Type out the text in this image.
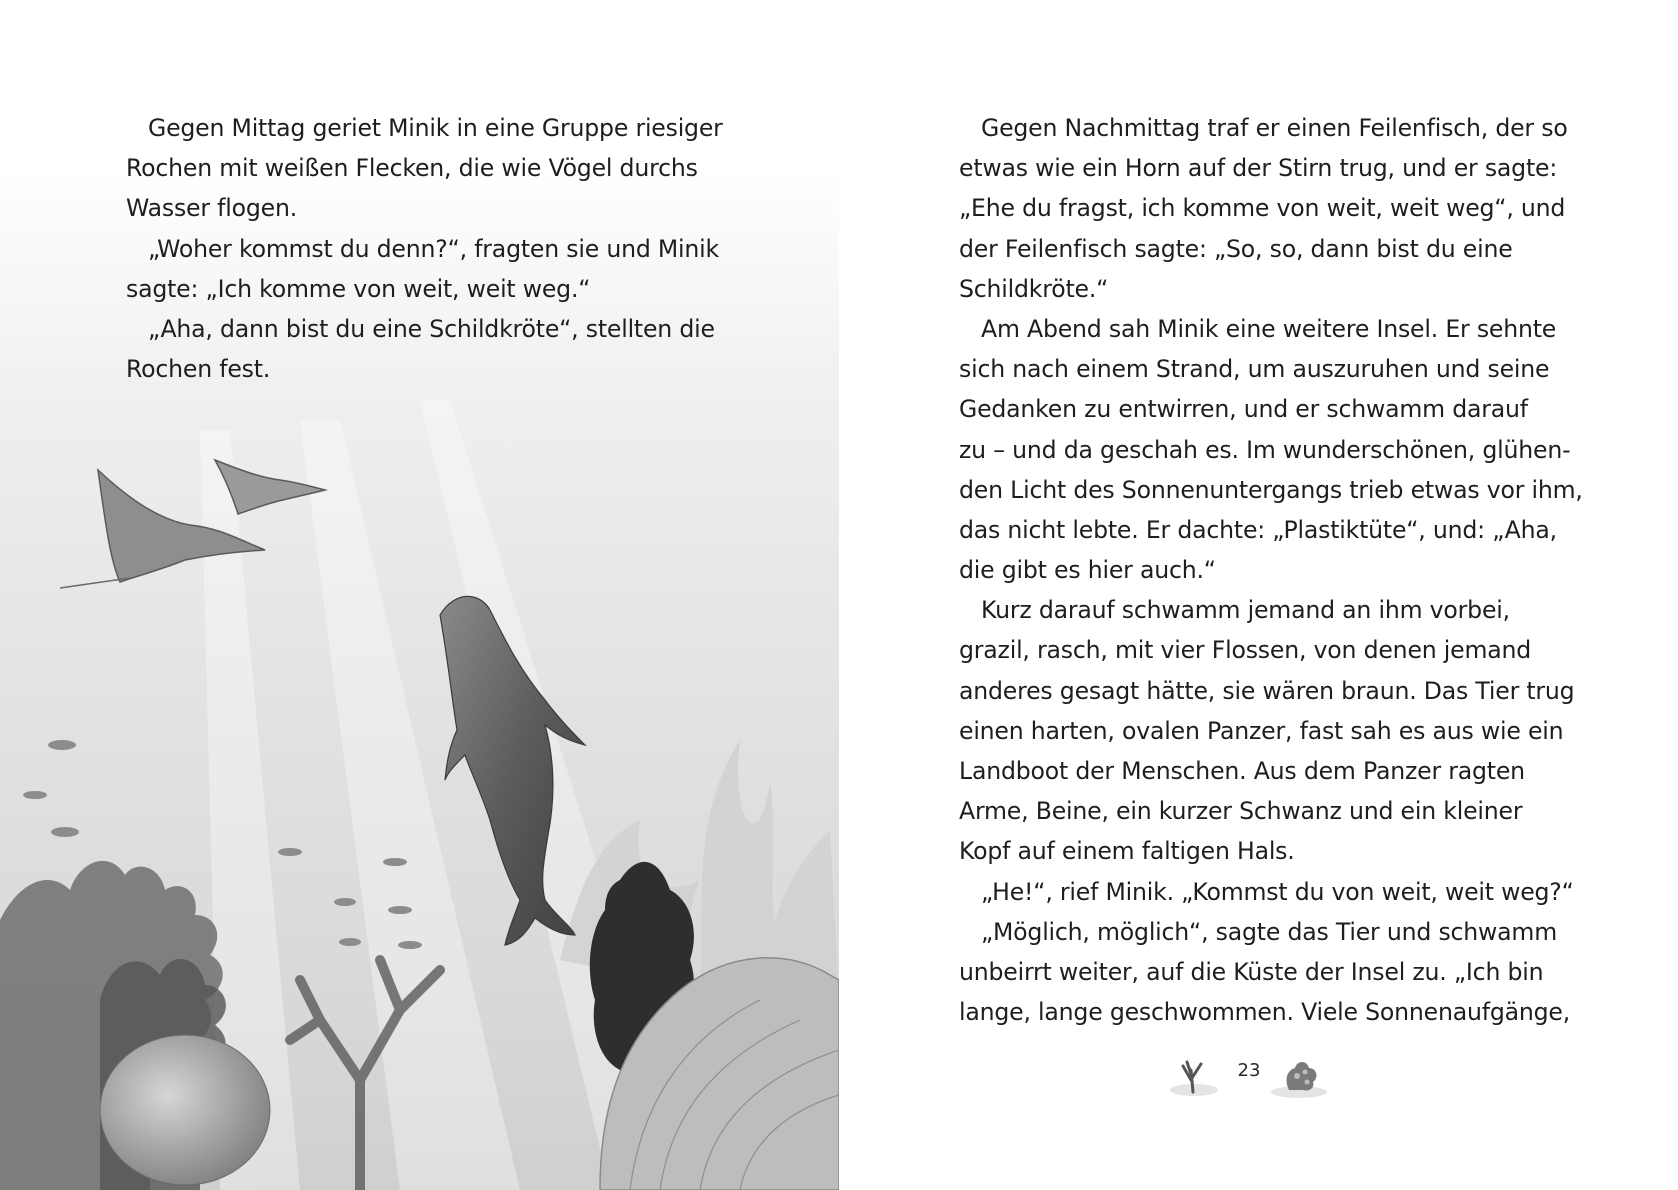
Gegen Mittag geriet Minik in eine Gruppe riesiger
Rochen mit weißen Flecken, die wie Vögel durchs
Wasser flogen.
„Woher kommst du denn?“, fragten sie und Minik
sagte: „Ich komme von weit, weit weg.“
„Aha, dann bist du eine Schildkröte“, stellten die
Rochen fest.
Gegen Nachmittag traf er einen Feilenfisch, der so
etwas wie ein Horn auf der Stirn trug, und er sagte:
„Ehe du fragst, ich komme von weit, weit weg“, und
der Feilenfisch sagte: „So, so, dann bist du eine
Schildkröte.“
Am Abend sah Minik eine weitere Insel. Er sehnte
sich nach einem Strand, um auszuruhen und seine
Gedanken zu entwirren, und er schwamm darauf
zu – und da geschah es. Im wunderschönen, glühen-
den Licht des Sonnenuntergangs trieb etwas vor ihm,
das nicht lebte. Er dachte: „Plastiktüte“, und: „Aha,
die gibt es hier auch.“
Kurz darauf schwamm jemand an ihm vorbei,
grazil, rasch, mit vier Flossen, von denen jemand
anderes gesagt hätte, sie wären braun. Das Tier trug
einen harten, ovalen Panzer, fast sah es aus wie ein
Landboot der Menschen. Aus dem Panzer ragten
Arme, Beine, ein kurzer Schwanz und ein kleiner
Kopf auf einem faltigen Hals.
„He!“, rief Minik. „Kommst du von weit, weit weg?“
„Möglich, möglich“, sagte das Tier und schwamm
unbeirrt weiter, auf die Küste der Insel zu. „Ich bin
lange, lange geschwommen. Viele Sonnenaufgänge,
23
